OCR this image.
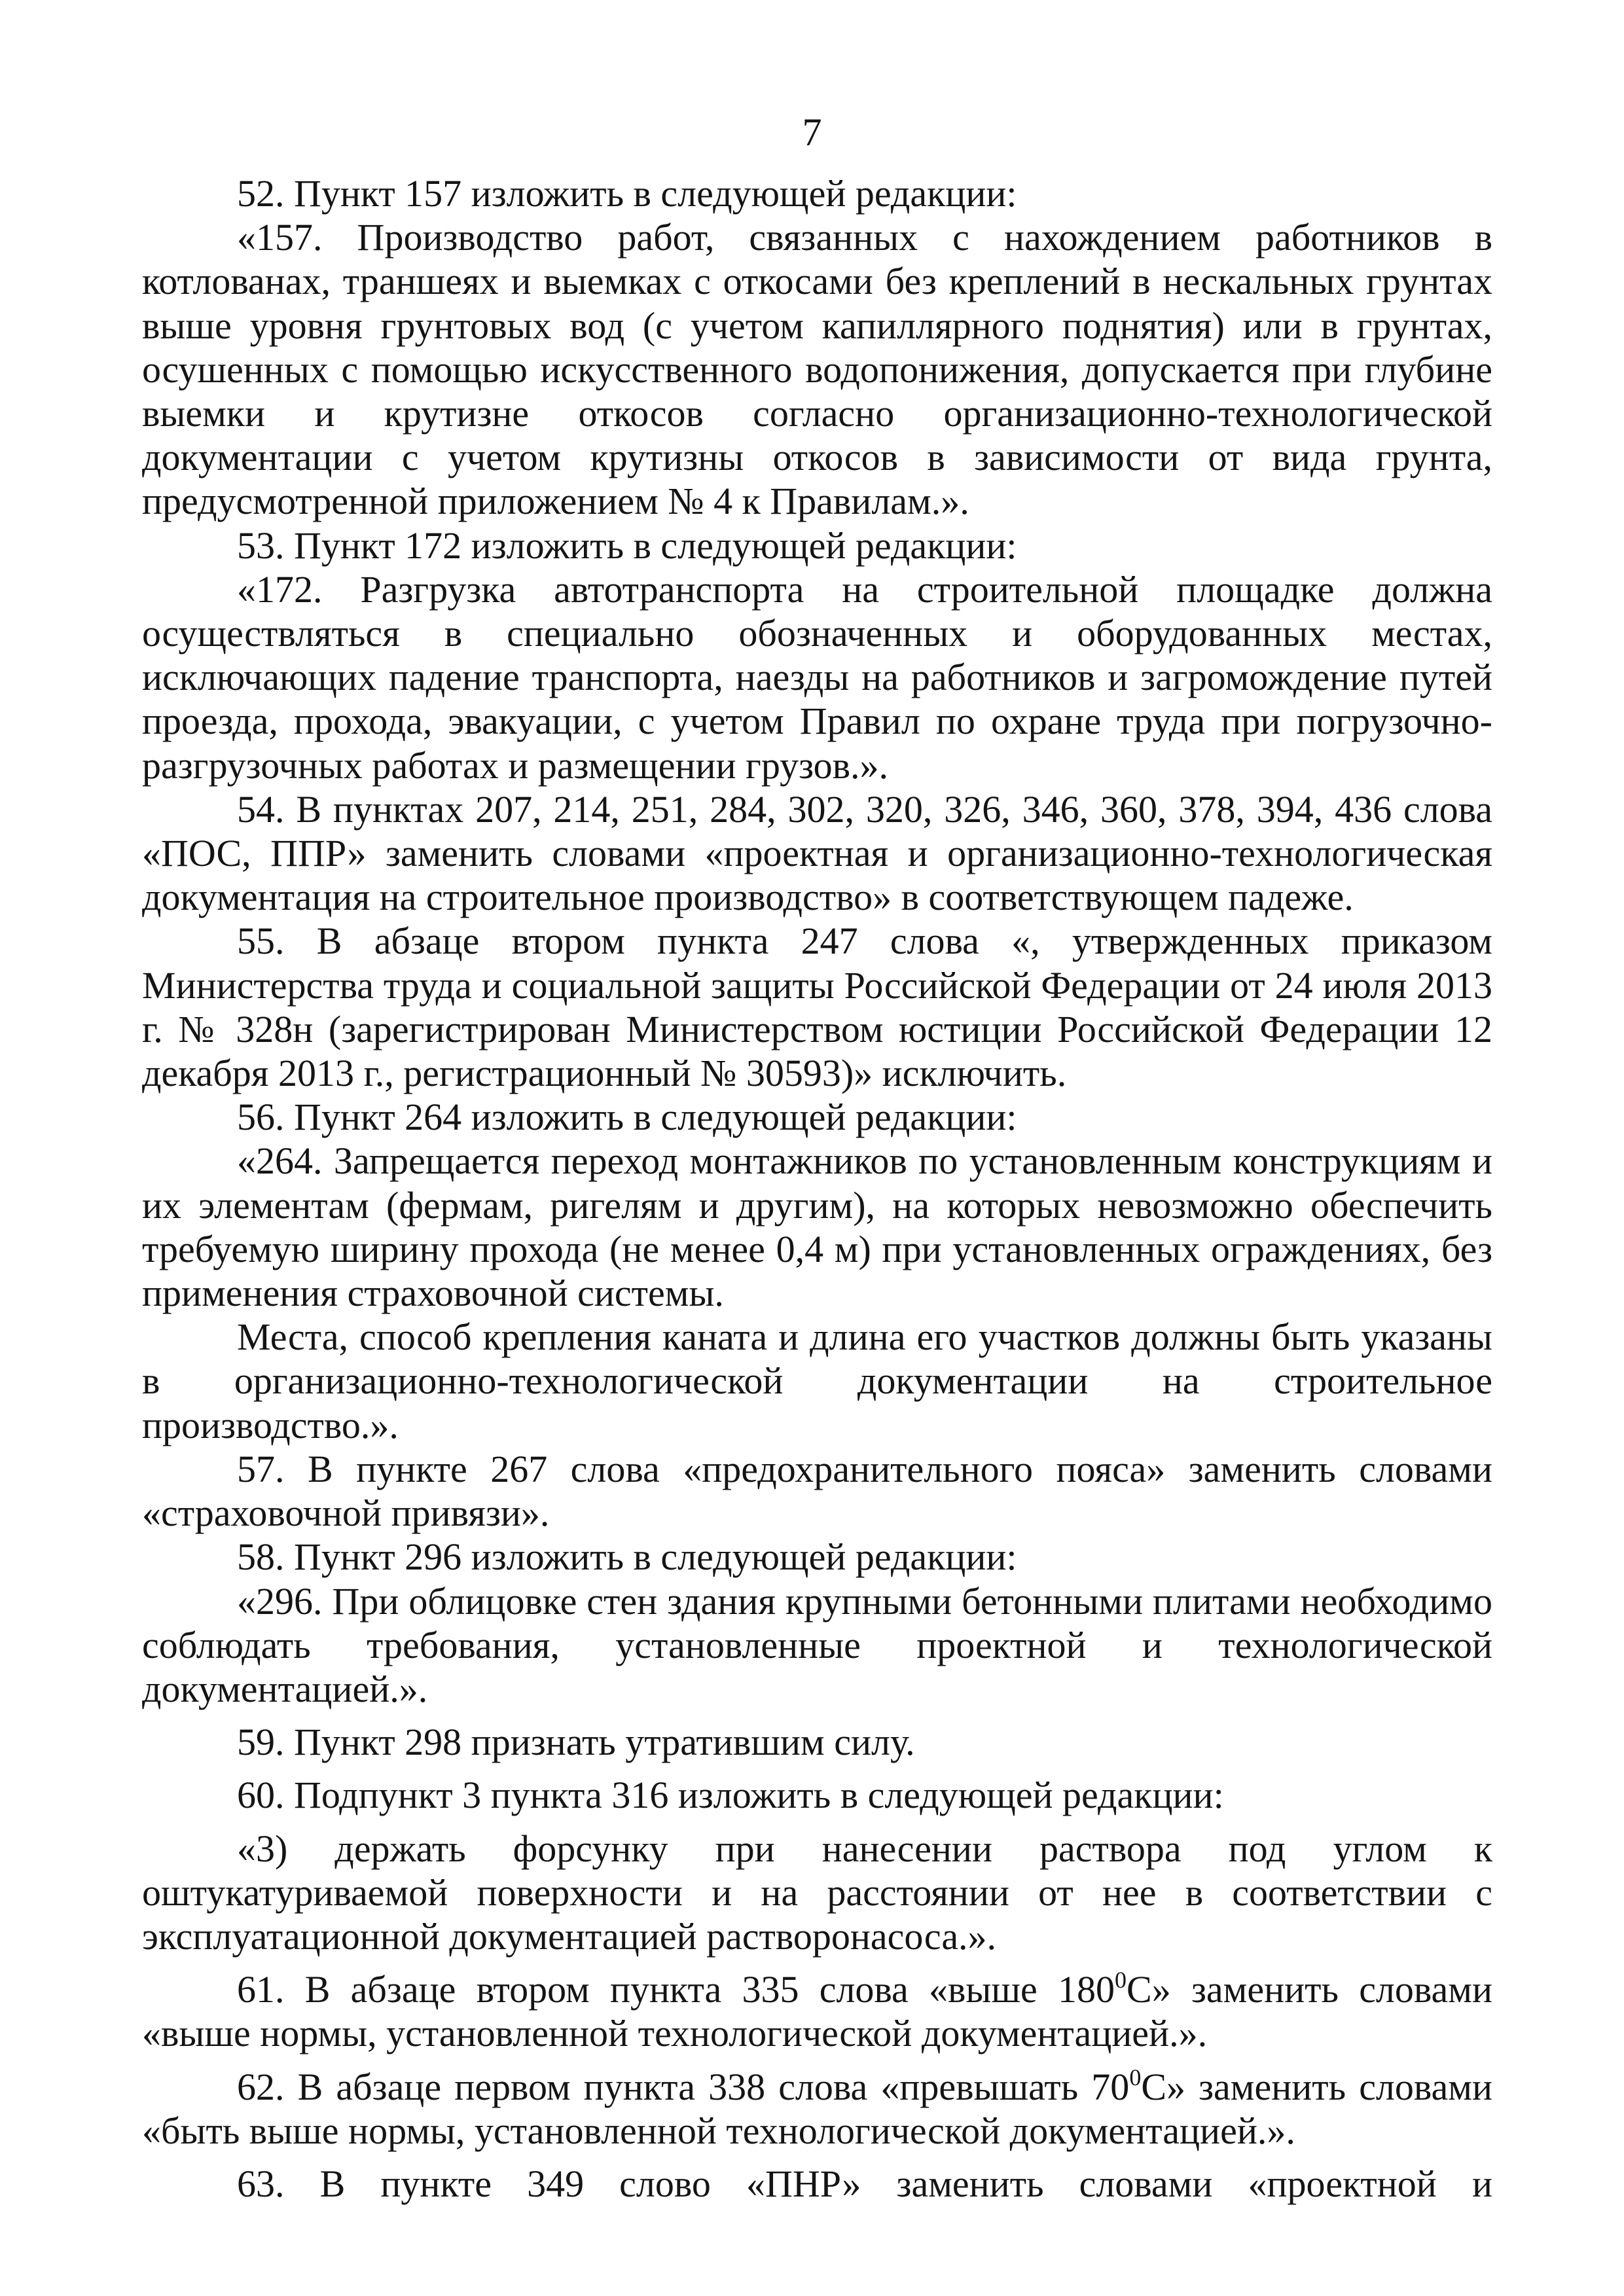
7

52. Пункт 157 изложить в следующей редакции:

«157. Производство работ, связанных с нахождением работников в котлованах, траншеях и выемках с откосами без креплений в нескальных грунтах выше уровня грунтовых вод (с учетом капиллярного поднятия) или в грунтах, осушенных с помощью искусственного водопонижения, допускается при глубине выемки и крутизне откосов согласно организационно-технологической документации с учетом крутизны откосов в зависимости от вида грунта, предусмотренной приложением № 4 к Правилам.».

53. Пункт 172 изложить в следующей редакции:

«172. Разгрузка автотранспорта на строительной площадке должна осуществляться в специально обозначенных и оборудованных местах, исключающих падение транспорта, наезды на работников и загромождение путей проезда, прохода, эвакуации, с учетом Правил по охране труда при погрузочно-разгрузочных работах и размещении грузов.».

54. В пунктах 207, 214, 251, 284, 302, 320, 326, 346, 360, 378, 394, 436 слова «ПОС, ППР» заменить словами «проектная и организационно-технологическая документация на строительное производство» в соответствующем падеже.

55. В абзаце втором пункта 247 слова «, утвержденных приказом Министерства труда и социальной защиты Российской Федерации от 24 июля 2013 г. № 328н (зарегистрирован Министерством юстиции Российской Федерации 12 декабря 2013 г., регистрационный № 30593)» исключить.

56. Пункт 264 изложить в следующей редакции:

«264. Запрещается переход монтажников по установленным конструкциям и их элементам (фермам, ригелям и другим), на которых невозможно обеспечить требуемую ширину прохода (не менее 0,4 м) при установленных ограждениях, без применения страховочной системы.

Места, способ крепления каната и длина его участков должны быть указаны в организационно-технологической документации на строительное производство.».

57. В пункте 267 слова «предохранительного пояса» заменить словами «страховочной привязи».

58. Пункт 296 изложить в следующей редакции:

«296. При облицовке стен здания крупными бетонными плитами необходимо соблюдать требования, установленные проектной и технологической документацией.».

59. Пункт 298 признать утратившим силу.

60. Подпункт 3 пункта 316 изложить в следующей редакции:

«3) держать форсунку при нанесении раствора под углом к оштукатуриваемой поверхности и на расстоянии от нее в соответствии с эксплуатационной документацией растворонасоса.».

61. В абзаце втором пункта 335 слова «выше $180^0С$» заменить словами «выше нормы, установленной технологической документацией.».

62. В абзаце первом пункта 338 слова «превышать $70^0С$» заменить словами «быть выше нормы, установленной технологической документацией.».

63. В пункте 349 слово «ПНР» заменить словами «проектной и
